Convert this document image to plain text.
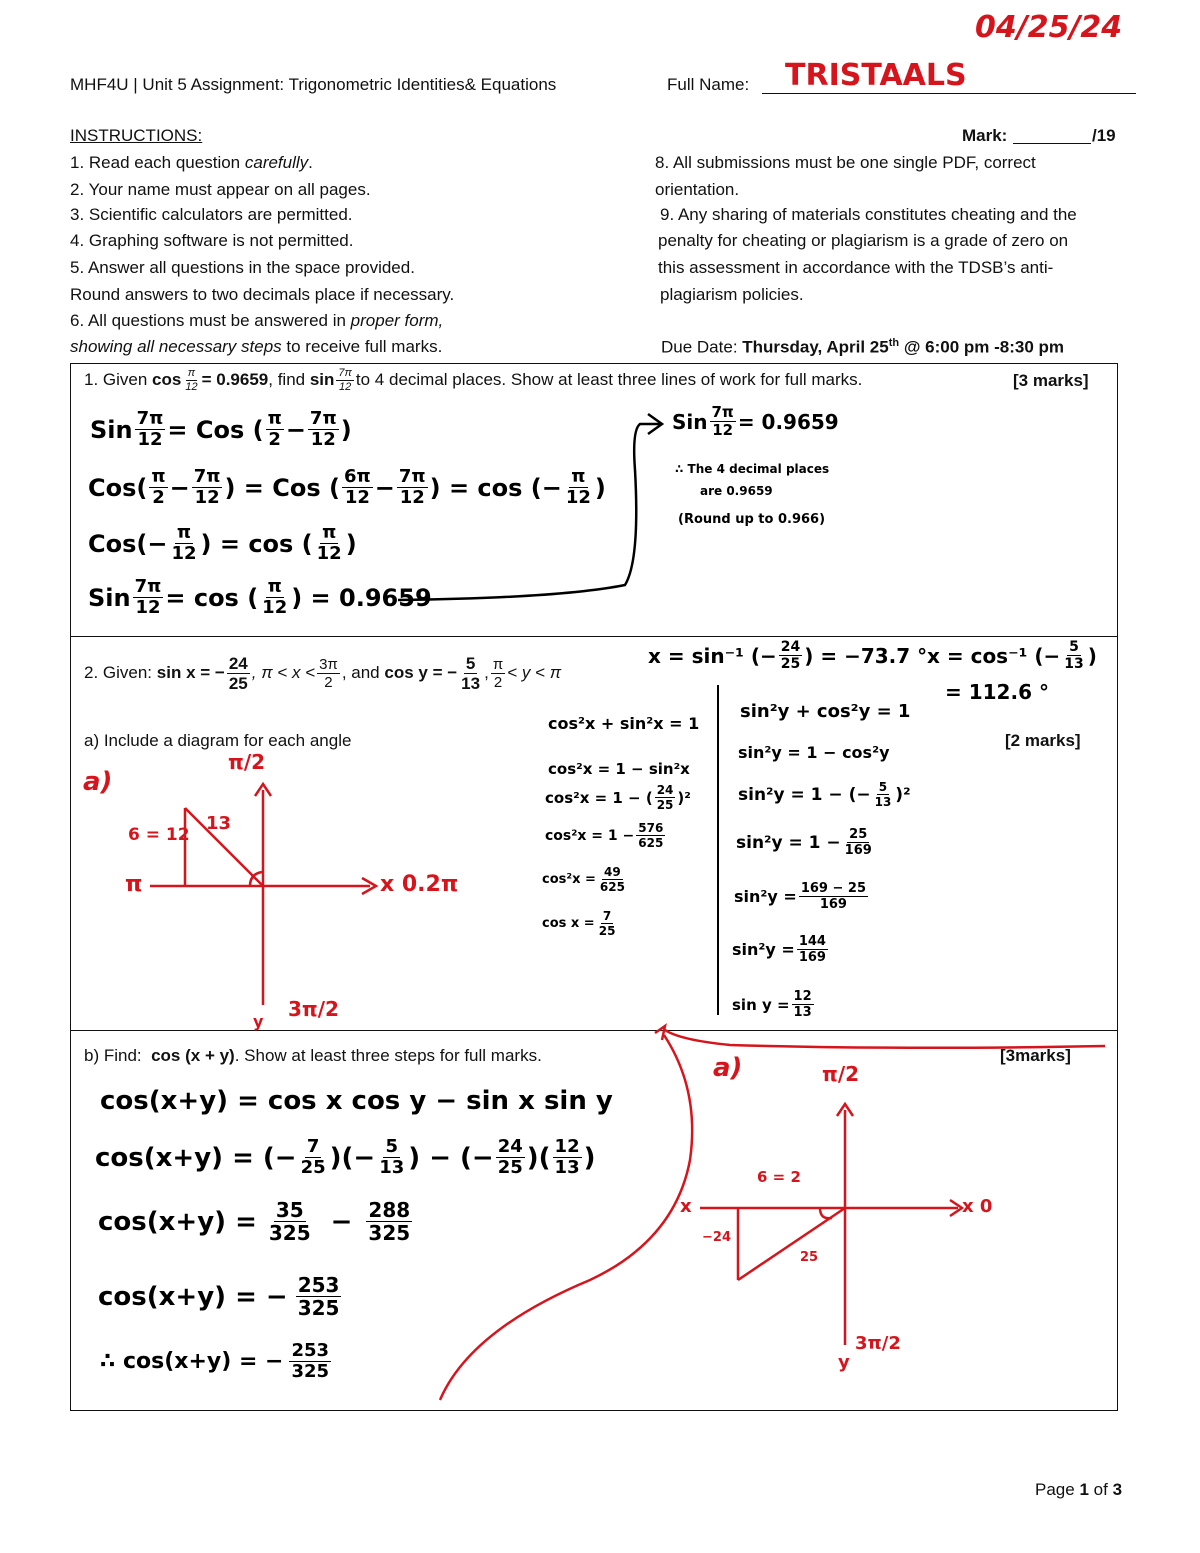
04/25/24
MHF4U | Unit 5 Assignment: Trigonometric Identities& Equations	Full Name: TRISTAALS
INSTRUCTIONS:	Mark:	/19
1. Read each question carefully.
2. Your name must appear on all pages.
3. Scientific calculators are permitted.
4. Graphing software is not permitted.
5. Answer all questions in the space provided.
Round answers to two decimals place if necessary.
6. All questions must be answered in proper form,
showing all necessary steps to receive full marks.
8. All submissions must be one single PDF, correct
orientation.
9. Any sharing of materials constitutes cheating and the
penalty for cheating or plagiarism is a grade of zero on
this assessment in accordance with the TDSB’s anti-
plagiarism policies.
Due Date: Thursday, April 25th @ 6:00 pm -8:30 pm
1. Given
$\cos \frac{\pi}{12} = 0.9659$ , find
$\sin \frac{7\pi}{12}$ to 4 decimal places. Show at least three lines of work for full marks.	[3 marks]
Sin $\frac{7\pi}{12}$ = Cos ( $\frac{\pi}{2} - \frac{7\pi}{12}$ )
$Cos( \frac{\pi}{2} - \frac{7\pi}{12}$ ) = Cos ( $\frac{6\pi}{12} - \frac{7\pi}{12}$ ) = cos (− $\frac{\pi}{12}$ )
$Cos(- \frac{\pi}{12}$ ) = cos ( $\frac{\pi}{12}$ )
Sin $\frac{7\pi}{12} = \cos$ ( $\frac{\pi}{12}$ ) = 0.9659
Sin $\frac{7\pi}{12} = 0.9659$
∴ The 4 decimal places
are 0.9659
(Round up to 0.966)
2. Given:
sin x = − $\frac{24}{25}$ , $\pi < x < \frac{3\pi}{2}$ , and
cos y = − $\frac{5}{13}$ , $\frac{\pi}{2} < y < \pi$
x = sin⁻¹ (− $\frac{24}{25}$ ) = −73.7 ° x = cos⁻¹ (− $\frac{5}{13}$ )
= 112.6 °
cos²x + sin²x = 1
cos²x = 1 − sin²x
cos²x = 1 − ( $\frac{24}{25} )^2$
$\cos^2x = 1 - \frac{576}{625}$
$\cos^2x = \frac{49}{625}$
$\cos x = \frac{7}{25}$
sin²y + cos²y = 1
sin²y = 1 − cos²y
sin²y = 1 − (− $\frac{5}{13} )^2$
$\sin^2y = 1 - \frac{25}{169}$
$\sin^2y = \frac{169 - 25}{169}$
$\sin^2y = \frac{144}{169}$
$\sin y = \frac{12}{13}$
a) Include a diagram for each angle	[2 marks]
a)
π/2
6 = 12
13
π	x 0.2π
y
3π/2
b) Find: cos (x + y). Show at least three steps for full marks.	[3marks]
cos(x+y) = cos x cos y − sin x sin y
cos(x+y) = (− $\frac{7}{25}$ )(− $\frac{5}{13}$ ) − (− $\frac{24}{25}$ )( $\frac{12}{13}$ )
$\cos(x+y) = \frac{35}{325} - \frac{288}{325}$
cos(x+y) = − $\frac{253}{325}$
∴ cos(x+y) = − $\frac{253}{325}$
a)	π/2
6 = 2
x	x 0
−24
25
y
3π/2
Page 1 of 3
